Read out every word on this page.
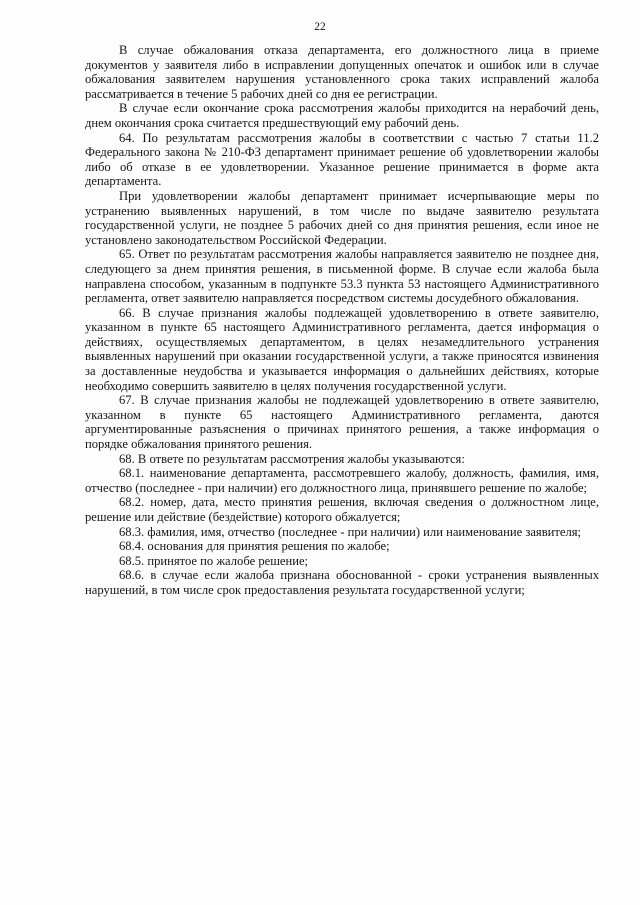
22

В случае обжалования отказа департамента, его должностного лица в приеме документов у заявителя либо в исправлении допущенных опечаток и ошибок или в случае обжалования заявителем нарушения установленного срока таких исправлений жалоба рассматривается в течение 5 рабочих дней со дня ее регистрации.

В случае если окончание срока рассмотрения жалобы приходится на нерабочий день, днем окончания срока считается предшествующий ему рабочий день.

64. По результатам рассмотрения жалобы в соответствии с частью 7 статьи 11.2 Федерального закона № 210-ФЗ департамент принимает решение об удовлетворении жалобы либо об отказе в ее удовлетворении. Указанное решение принимается в форме акта департамента.

При удовлетворении жалобы департамент принимает исчерпывающие меры по устранению выявленных нарушений, в том числе по выдаче заявителю результата государственной услуги, не позднее 5 рабочих дней со дня принятия решения, если иное не установлено законодательством Российской Федерации.

65. Ответ по результатам рассмотрения жалобы направляется заявителю не позднее дня, следующего за днем принятия решения, в письменной форме. В случае если жалоба была направлена способом, указанным в подпункте 53.3 пункта 53 настоящего Административного регламента, ответ заявителю направляется посредством системы досудебного обжалования.

66. В случае признания жалобы подлежащей удовлетворению в ответе заявителю, указанном в пункте 65 настоящего Административного регламента, дается информация о действиях, осуществляемых департаментом, в целях незамедлительного устранения выявленных нарушений при оказании государственной услуги, а также приносятся извинения за доставленные неудобства и указывается информация о дальнейших действиях, которые необходимо совершить заявителю в целях получения государственной услуги.

67. В случае признания жалобы не подлежащей удовлетворению в ответе заявителю, указанном в пункте 65 настоящего Административного регламента, даются аргументированные разъяснения о причинах принятого решения, а также информация о порядке обжалования принятого решения.

68. В ответе по результатам рассмотрения жалобы указываются:

68.1. наименование департамента, рассмотревшего жалобу, должность, фамилия, имя, отчество (последнее - при наличии) его должностного лица, принявшего решение по жалобе;

68.2. номер, дата, место принятия решения, включая сведения о должностном лице, решение или действие (бездействие) которого обжалуется;

68.3. фамилия, имя, отчество (последнее - при наличии) или наименование заявителя;

68.4. основания для принятия решения по жалобе;

68.5. принятое по жалобе решение;

68.6. в случае если жалоба признана обоснованной - сроки устранения выявленных нарушений, в том числе срок предоставления результата государственной услуги;
